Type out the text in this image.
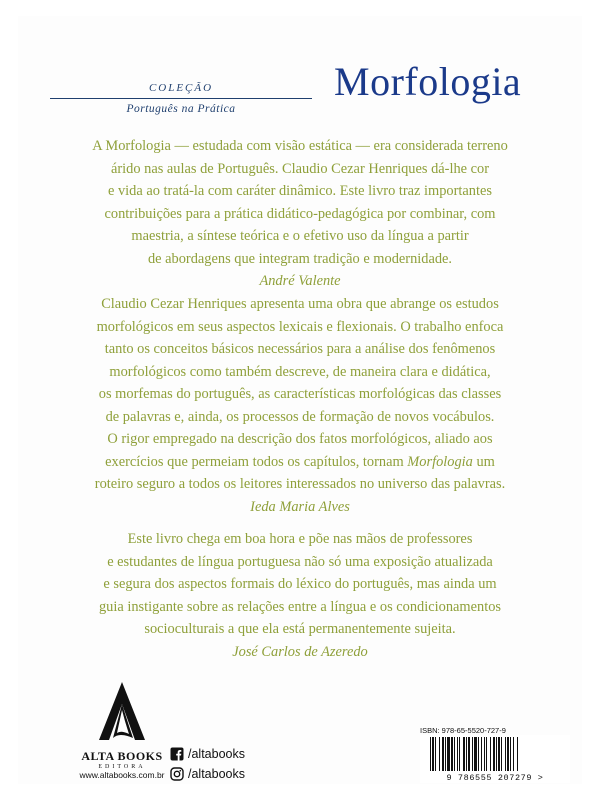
COLEÇÃO
Português na Prática
Morfologia

A Morfologia — estudada com visão estática — era considerada terreno

árido nas aulas de Português. Claudio Cezar Henriques dá-lhe cor

e vida ao tratá-la com caráter dinâmico. Este livro traz importantes

contribuições para a prática didático-pedagógica por combinar, com

maestria, a síntese teórica e o efetivo uso da língua a partir

de abordagens que integram tradição e modernidade.

André Valente

Claudio Cezar Henriques apresenta uma obra que abrange os estudos

morfológicos em seus aspectos lexicais e flexionais. O trabalho enfoca

tanto os conceitos básicos necessários para a análise dos fenômenos

morfológicos como também descreve, de maneira clara e didática,

os morfemas do português, as características morfológicas das classes

de palavras e, ainda, os processos de formação de novos vocábulos.

O rigor empregado na descrição dos fatos morfológicos, aliado aos

exercícios que permeiam todos os capítulos, tornam Morfologia um

roteiro seguro a todos os leitores interessados no universo das palavras.

Ieda Maria Alves

Este livro chega em boa hora e põe nas mãos de professores

e estudantes de língua portuguesa não só uma exposição atualizada

e segura dos aspectos formais do léxico do português, mas ainda um

guia instigante sobre as relações entre a língua e os condicionamentos

socioculturais a que ela está permanentemente sujeita.

José Carlos de Azeredo

ALTA BOOKS
EDITORA
www.altabooks.com.br
/altabooks
/altabooks
ISBN: 978-65-5520-727-9
9 786555 207279 >
